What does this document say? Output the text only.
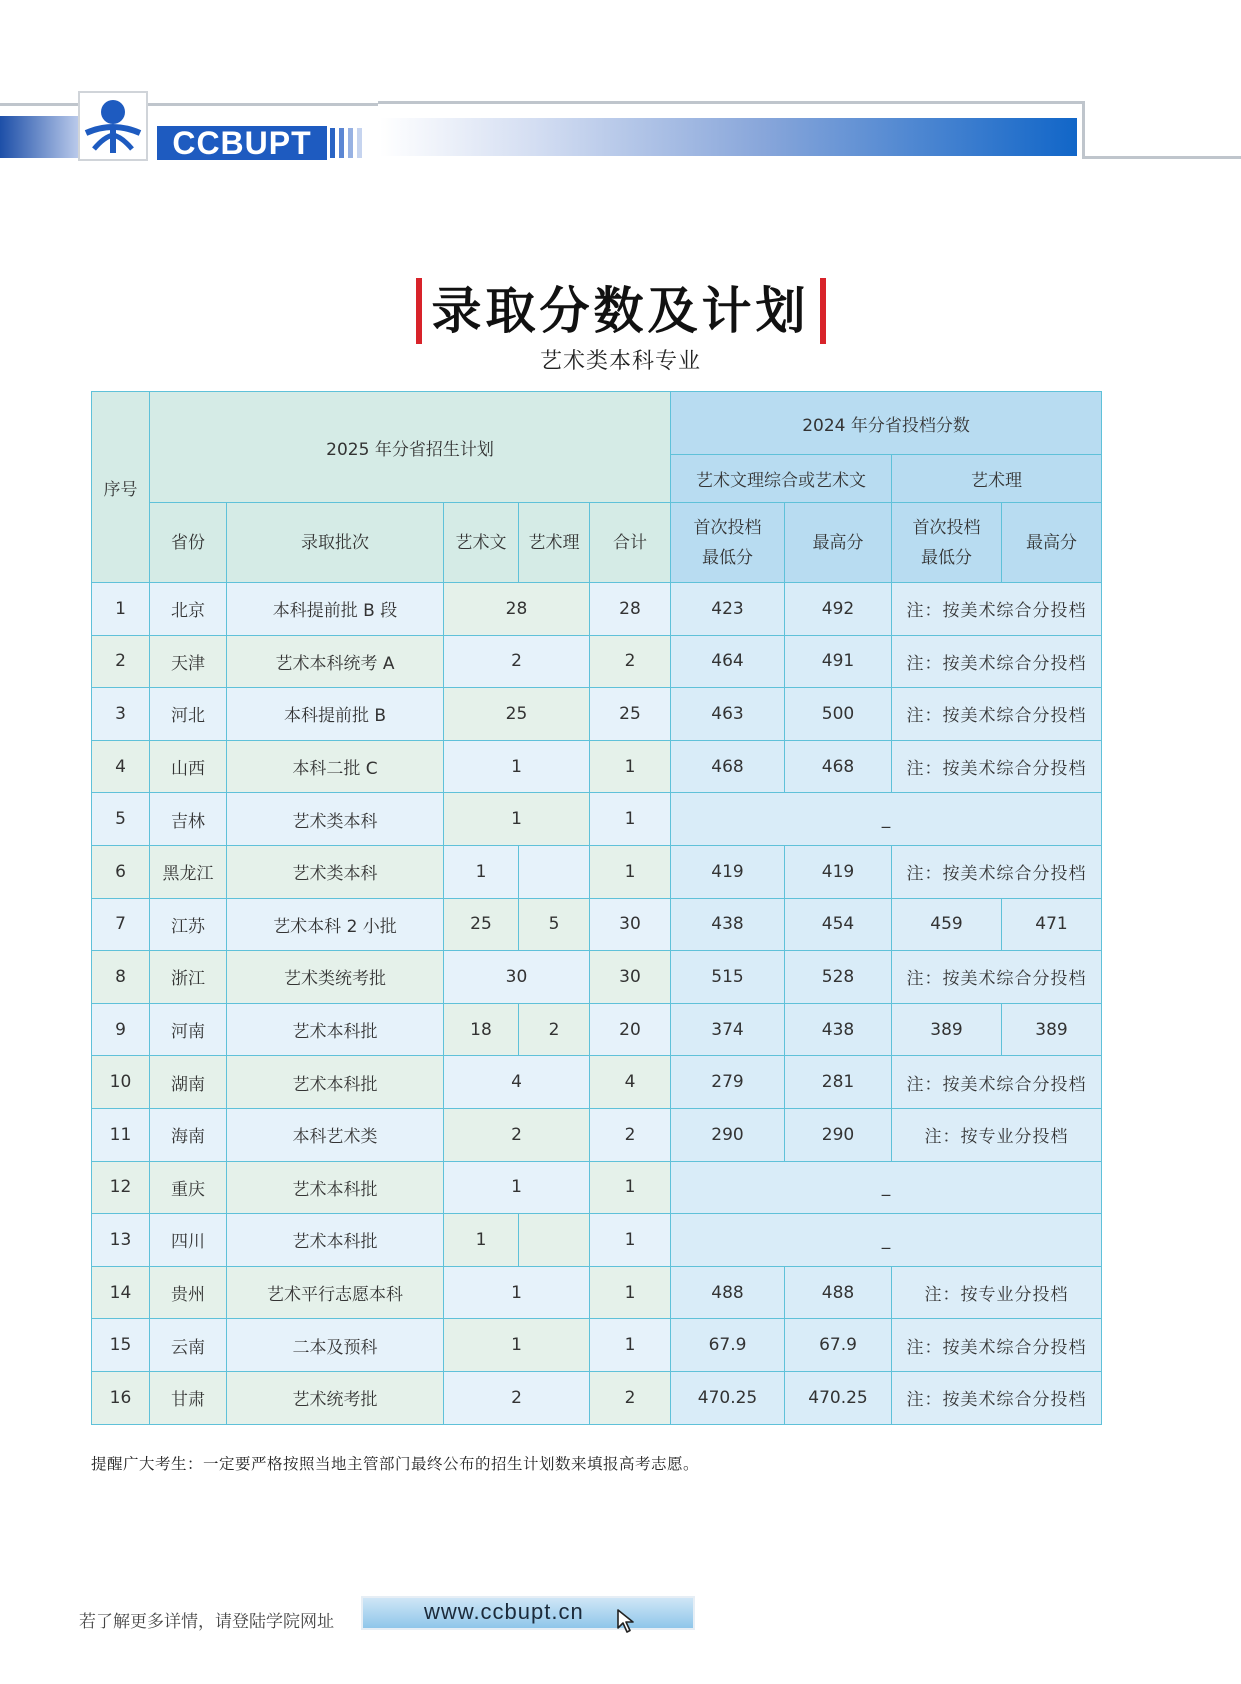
CCBUPT
录取分数及计划
艺术类本科专业
序号	2025 年分省招生计划					2024 年分省投档分数			
						艺术文理综合或艺术文		艺术理	
	省份	录取批次	艺术文	艺术理	合计	首次投档最低分	最高分	首次投档最低分	最高分
1	北京	本科提前批 B 段	28		28	423	492	注：按美术综合分投档	
2	天津	艺术本科统考 A	2		2	464	491	注：按美术综合分投档	
3	河北	本科提前批 B	25		25	463	500	注：按美术综合分投档	
4	山西	本科二批 C	1		1	468	468	注：按美术综合分投档	
5	吉林	艺术类本科	1		1	_			
6	黑龙江	艺术类本科	1		1	419	419	注：按美术综合分投档	
7	江苏	艺术本科 2 小批	25	5	30	438	454	459	471
8	浙江	艺术类统考批	30		30	515	528	注：按美术综合分投档	
9	河南	艺术本科批	18	2	20	374	438	389	389
10	湖南	艺术本科批	4		4	279	281	注：按美术综合分投档	
11	海南	本科艺术类	2		2	290	290	注：按专业分投档	
12	重庆	艺术本科批	1		1	_			
13	四川	艺术本科批	1		1	_			
14	贵州	艺术平行志愿本科	1		1	488	488	注：按专业分投档	
15	云南	二本及预科	1		1	67.9	67.9	注：按美术综合分投档	
16	甘肃	艺术统考批	2		2	470.25	470.25	注：按美术综合分投档	
提醒广大考生：一定要严格按照当地主管部门最终公布的招生计划数来填报高考志愿。
若了解更多详情，请登陆学院网址	www.ccbupt.cn
